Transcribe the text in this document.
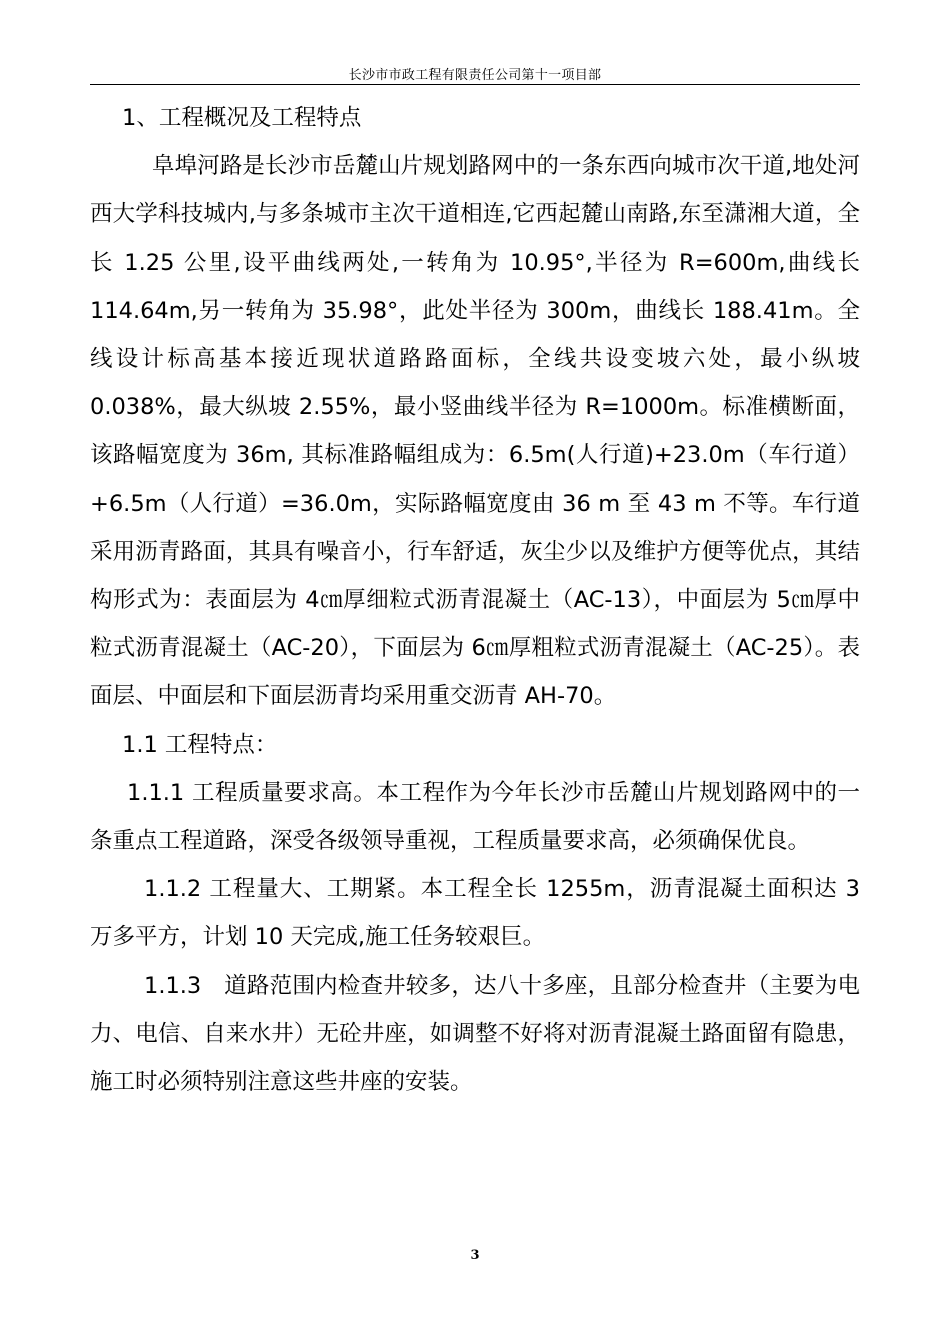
长沙市市政工程有限责任公司第十一项目部

1、工程概况及工程特点

阜埠河路是长沙市岳麓山片规划路网中的一条东西向城市次干道,地处河西大学科技城内,与多条城市主次干道相连,它西起麓山南路,东至潇湘大道，全长 1.25 公里,设平曲线两处,一转角为 10.95°,半径为 R=600m,曲线长 114.64m,另一转角为 35.98°，此处半径为 300m，曲线长 188.41m。全线设计标高基本接近现状道路路面标，全线共设变坡六处，最小纵坡 0.038%，最大纵坡 2.55%，最小竖曲线半径为 R=1000m。标准横断面，该路幅宽度为 36m, 其标准路幅组成为：6.5m(人行道)+23.0m（车行道）+6.5m（人行道）=36.0m，实际路幅宽度由 36 m 至 43 m 不等。车行道采用沥青路面，其具有噪音小，行车舒适，灰尘少以及维护方便等优点，其结构形式为：表面层为 4㎝厚细粒式沥青混凝土（AC-13），中面层为 5㎝厚中粒式沥青混凝土（AC-20），下面层为 6㎝厚粗粒式沥青混凝土（AC-25）。表面层、中面层和下面层沥青均采用重交沥青 AH-70。

1.1 工程特点：

1.1.1 工程质量要求高。本工程作为今年长沙市岳麓山片规划路网中的一条重点工程道路，深受各级领导重视，工程质量要求高，必须确保优良。

1.1.2 工程量大、工期紧。本工程全长 1255m，沥青混凝土面积达 3 万多平方，计划 10 天完成,施工任务较艰巨。

1.1.3　道路范围内检查井较多，达八十多座，且部分检查井（主要为电力、电信、自来水井）无砼井座，如调整不好将对沥青混凝土路面留有隐患，施工时必须特别注意这些井座的安装。

3
